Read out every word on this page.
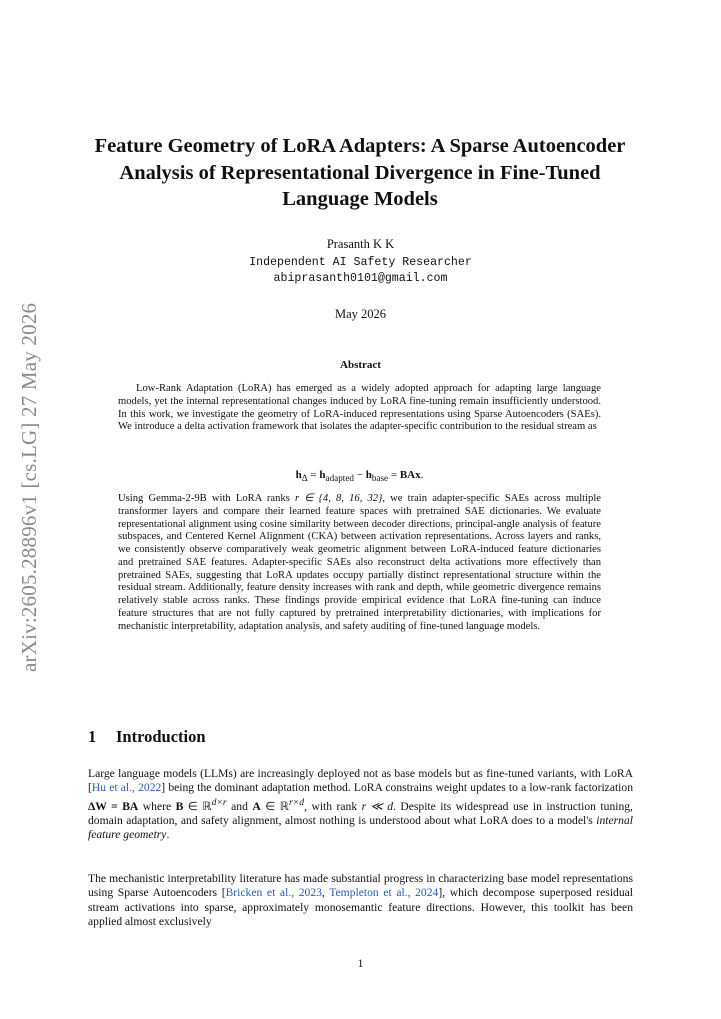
arXiv:2605.28896v1 [cs.LG] 27 May 2026
Feature Geometry of LoRA Adapters: A Sparse Autoencoder Analysis of Representational Divergence in Fine-Tuned Language Models
Prasanth K K
Independent AI Safety Researcher
abiprasanth0101@gmail.com
May 2026
Abstract
Low-Rank Adaptation (LoRA) has emerged as a widely adopted approach for adapting large language models, yet the internal representational changes induced by LoRA fine-tuning remain insufficiently understood. In this work, we investigate the geometry of LoRA-induced representations using Sparse Autoencoders (SAEs). We introduce a delta activation framework that isolates the adapter-specific contribution to the residual stream as
$h_\Delta = h_{adapted} - h_{base}$ = BAx.
Using Gemma-2-9B with LoRA ranks r ∈ {4, 8, 16, 32}, we train adapter-specific SAEs across multiple transformer layers and compare their learned feature spaces with pretrained SAE dictionaries. We evaluate representational alignment using cosine similarity between decoder directions, principal-angle analysis of feature subspaces, and Centered Kernel Alignment (CKA) between activation representations. Across layers and ranks, we consistently observe comparatively weak geometric alignment between LoRA-induced feature dictionaries and pretrained SAE features. Adapter-specific SAEs also reconstruct delta activations more effectively than pretrained SAEs, suggesting that LoRA updates occupy partially distinct representational structure within the residual stream. Additionally, feature density increases with rank and depth, while geometric divergence remains relatively stable across ranks. These findings provide empirical evidence that LoRA fine-tuning can induce feature structures that are not fully captured by pretrained interpretability dictionaries, with implications for mechanistic interpretability, adaptation analysis, and safety auditing of fine-tuned language models.
1 Introduction
Large language models (LLMs) are increasingly deployed not as base models but as fine-tuned variants, with LoRA [Hu et al., 2022] being the dominant adaptation method. LoRA constrains weight updates to a low-rank factorization ΔW = BA where B ∈ ℝ$^{d\times r}$ and A ∈ ℝ$^{r\times d}$, with rank r ≪ d. Despite its widespread use in instruction tuning, domain adaptation, and safety alignment, almost nothing is understood about what LoRA does to a model's internal feature geometry.
The mechanistic interpretability literature has made substantial progress in characterizing base model representations using Sparse Autoencoders [Bricken et al., 2023, Templeton et al., 2024], which decompose superposed residual stream activations into sparse, approximately monosemantic feature directions. However, this toolkit has been applied almost exclusively
1
